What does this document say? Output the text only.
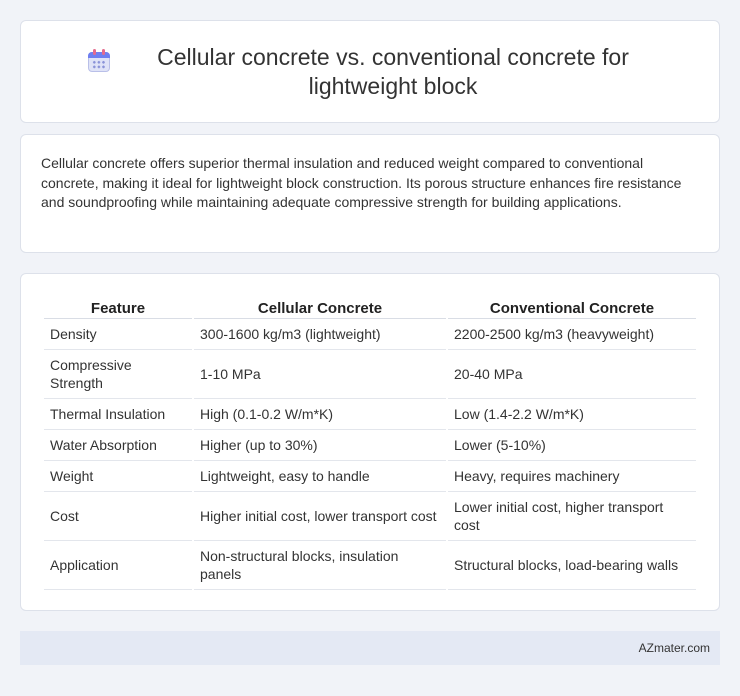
Cellular concrete vs. conventional concrete for lightweight block

Cellular concrete offers superior thermal insulation and reduced weight compared to conventional concrete, making it ideal for lightweight block construction. Its porous structure enhances fire resistance and soundproofing while maintaining adequate compressive strength for building applications.

Feature	Cellular Concrete	Conventional Concrete
Density	300-1600 kg/m3 (lightweight)	2200-2500 kg/m3 (heavyweight)
Compressive Strength	1-10 MPa	20-40 MPa
Thermal Insulation	High (0.1-0.2 W/m*K)	Low (1.4-2.2 W/m*K)
Water Absorption	Higher (up to 30%)	Lower (5-10%)
Weight	Lightweight, easy to handle	Heavy, requires machinery
Cost	Higher initial cost, lower transport cost	Lower initial cost, higher transport cost
Application	Non-structural blocks, insulation panels	Structural blocks, load-bearing walls
AZmater.com
